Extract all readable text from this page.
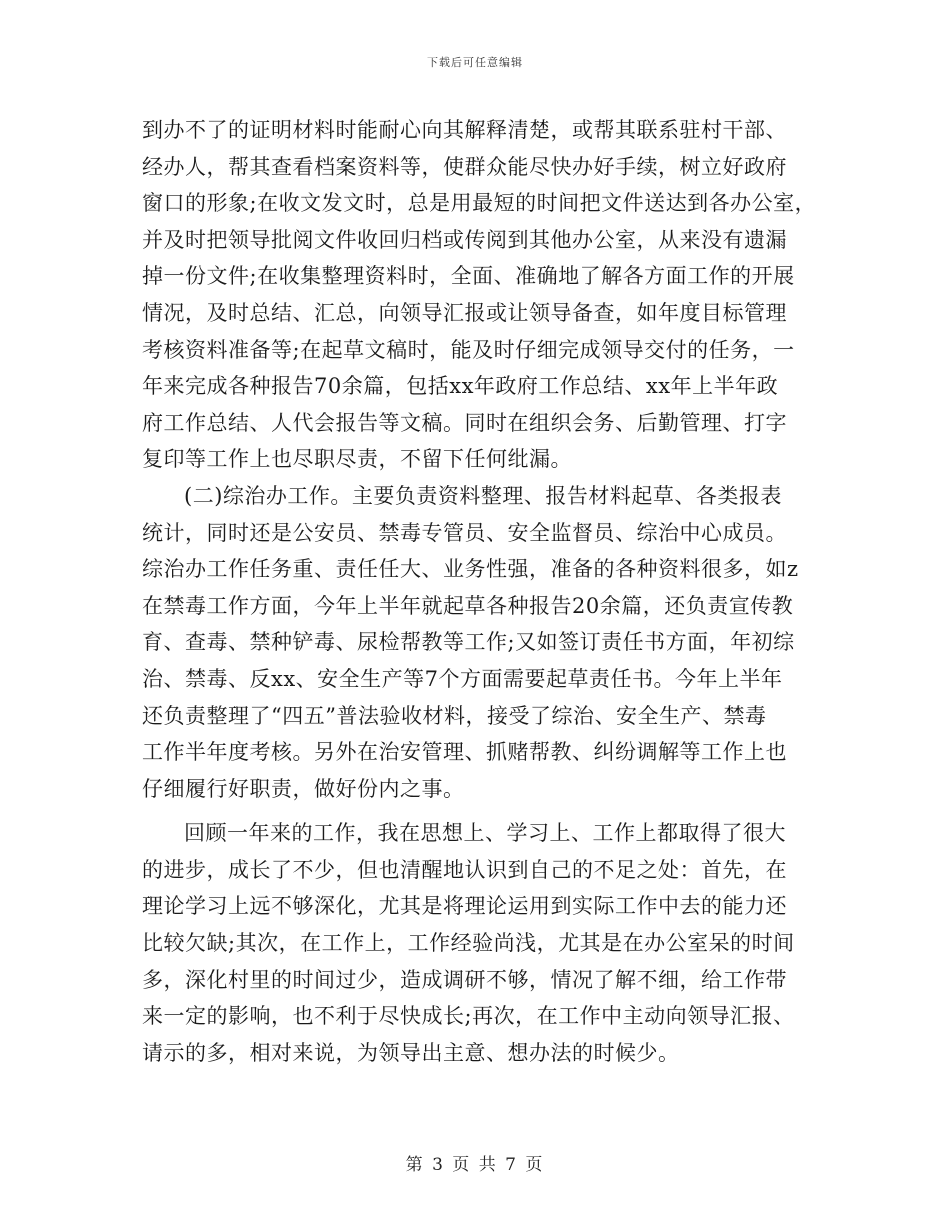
下载后可任意编辑
到办不了的证明材料时能耐心向其解释清楚，或帮其联系驻村干部、
经办人，帮其查看档案资料等，使群众能尽快办好手续，树立好政府
窗口的形象;在收文发文时，总是用最短的时间把文件送达到各办公室，
并及时把领导批阅文件收回归档或传阅到其他办公室，从来没有遗漏
掉一份文件;在收集整理资料时，全面、准确地了解各方面工作的开展
情况，及时总结、汇总，向领导汇报或让领导备查，如年度目标管理
考核资料准备等;在起草文稿时，能及时仔细完成领导交付的任务，一
年来完成各种报告70余篇，包括xx年政府工作总结、xx年上半年政
府工作总结、人代会报告等文稿。同时在组织会务、后勤管理、打字
复印等工作上也尽职尽责，不留下任何纰漏。
(二)综治办工作。主要负责资料整理、报告材料起草、各类报表
统计，同时还是公安员、禁毒专管员、安全监督员、综治中心成员。
综治办工作任务重、责任任大、业务性强，准备的各种资料很多，如z
在禁毒工作方面，今年上半年就起草各种报告20余篇，还负责宣传教
育、查毒、禁种铲毒、尿检帮教等工作;又如签订责任书方面，年初综
治、禁毒、反xx、安全生产等7个方面需要起草责任书。今年上半年
还负责整理了“四五”普法验收材料，接受了综治、安全生产、禁毒
工作半年度考核。另外在治安管理、抓赌帮教、纠纷调解等工作上也
仔细履行好职责，做好份内之事。
回顾一年来的工作，我在思想上、学习上、工作上都取得了很大
的进步，成长了不少，但也清醒地认识到自己的不足之处：首先，在
理论学习上远不够深化，尤其是将理论运用到实际工作中去的能力还
比较欠缺;其次，在工作上，工作经验尚浅，尤其是在办公室呆的时间
多，深化村里的时间过少，造成调研不够，情况了解不细，给工作带
来一定的影响，也不利于尽快成长;再次，在工作中主动向领导汇报、
请示的多，相对来说，为领导出主意、想办法的时候少。
第 3 页 共 7 页
